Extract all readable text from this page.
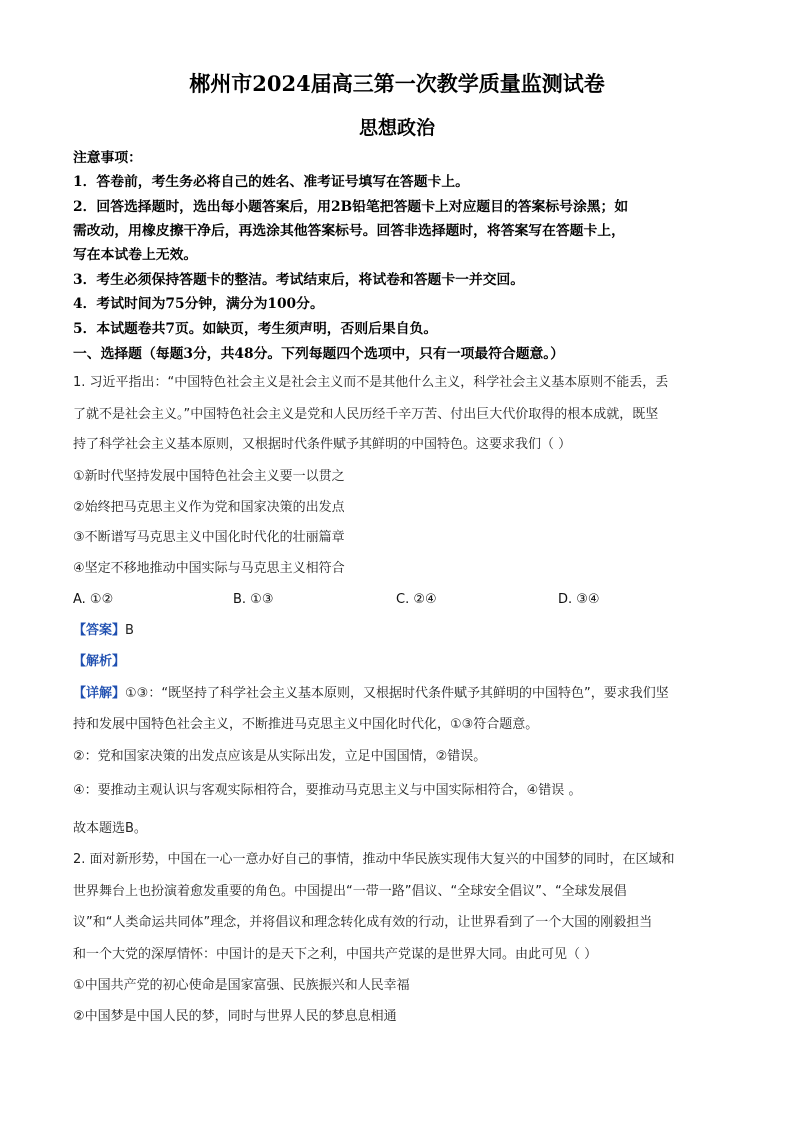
郴州市2024届高三第一次教学质量监测试卷
思想政治
注意事项：
1．答卷前，考生务必将自己的姓名、准考证号填写在答题卡上。
2．回答选择题时，选出每小题答案后，用2B铅笔把答题卡上对应题目的答案标号涂黑；如
需改动，用橡皮擦干净后，再选涂其他答案标号。回答非选择题时，将答案写在答题卡上，
写在本试卷上无效。
3．考生必须保持答题卡的整洁。考试结束后，将试卷和答题卡一并交回。
4．考试时间为75分钟，满分为100分。
5．本试题卷共7页。如缺页，考生须声明，否则后果自负。
一、选择题（每题3分，共48分。下列每题四个选项中，只有一项最符合题意。）
1. 习近平指出：“中国特色社会主义是社会主义而不是其他什么主义，科学社会主义基本原则不能丢，丢
了就不是社会主义。”中国特色社会主义是党和人民历经千辛万苦、付出巨大代价取得的根本成就，既坚
持了科学社会主义基本原则，又根据时代条件赋予其鲜明的中国特色。这要求我们（ ）
①新时代坚持发展中国特色社会主义要一以贯之
②始终把马克思主义作为党和国家决策的出发点
③不断谱写马克思主义中国化时代化的壮丽篇章
④坚定不移地推动中国实际与马克思主义相符合
A. ①②	B. ①③	C. ②④	D. ③④
【答案】B
【解析】
【详解】①③：“既坚持了科学社会主义基本原则，又根据时代条件赋予其鲜明的中国特色”，要求我们坚
持和发展中国特色社会主义，不断推进马克思主义中国化时代化，①③符合题意。
②：党和国家决策的出发点应该是从实际出发，立足中国国情，②错误。
④：要推动主观认识与客观实际相符合，要推动马克思主义与中国实际相符合，④错误 。
故本题选B。
2. 面对新形势，中国在一心一意办好自己的事情，推动中华民族实现伟大复兴的中国梦的同时，在区域和
世界舞台上也扮演着愈发重要的角色。中国提出“一带一路”倡议、“全球安全倡议”、“全球发展倡
议”和“人类命运共同体”理念，并将倡议和理念转化成有效的行动，让世界看到了一个大国的刚毅担当
和一个大党的深厚情怀：中国计的是天下之利，中国共产党谋的是世界大同。由此可见（ ）
①中国共产党的初心使命是国家富强、民族振兴和人民幸福
②中国梦是中国人民的梦，同时与世界人民的梦息息相通
